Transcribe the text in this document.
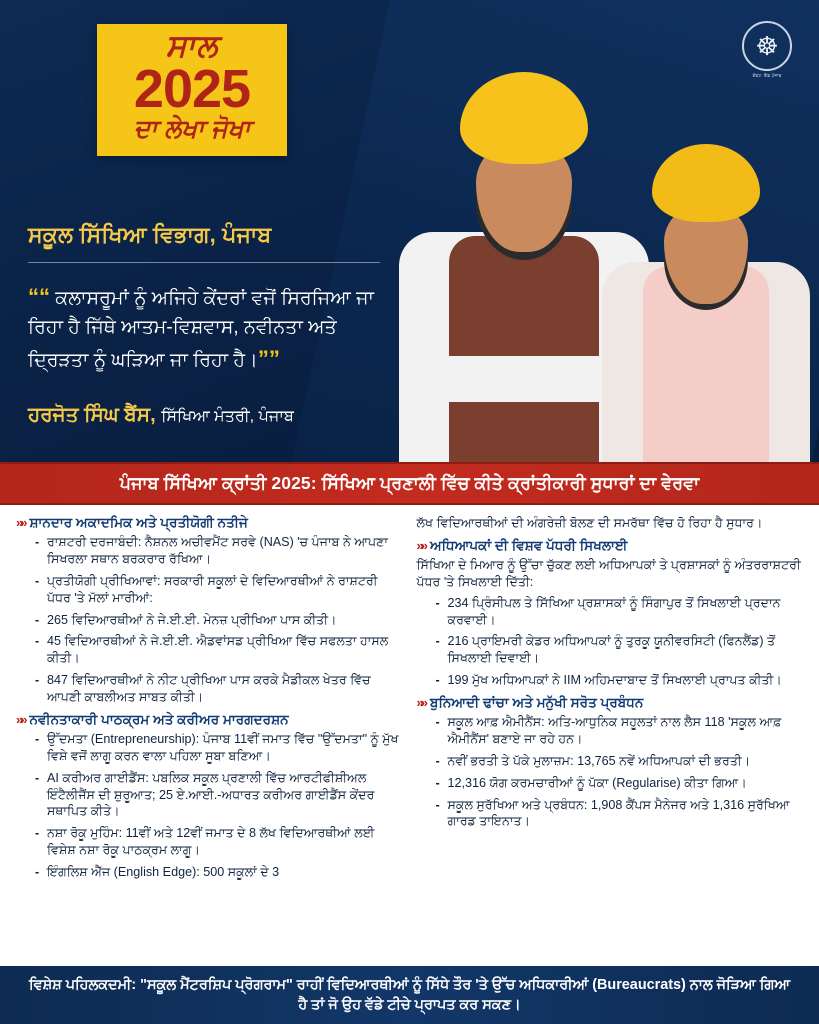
☸
ਗੋਵਟ. ਓਫ਼ ਪੰਜਾਬ
ਸਾਲ
2025
ਦਾ ਲੇਖਾ ਜੋਖਾ
ਸਕੂਲ ਸਿੱਖਿਆ ਵਿਭਾਗ, ਪੰਜਾਬ
““ ਕਲਾਸਰੂਮਾਂ ਨੂੰ ਅਜਿਹੇ ਕੇਂਦਰਾਂ ਵਜੋਂ ਸਿਰਜਿਆ ਜਾ ਰਿਹਾ ਹੈ ਜਿੱਥੇ ਆਤਮ-ਵਿਸ਼ਵਾਸ, ਨਵੀਨਤਾ ਅਤੇ ਦ੍ਰਿੜਤਾ ਨੂੰ ਘੜਿਆ ਜਾ ਰਿਹਾ ਹੈ।””
ਹਰਜੋਤ ਸਿੰਘ ਬੈਂਸ, ਸਿੱਖਿਆ ਮੰਤਰੀ, ਪੰਜਾਬ
ਪੰਜਾਬ ਸਿੱਖਿਆ ਕ੍ਰਾਂਤੀ 2025: ਸਿੱਖਿਆ ਪ੍ਰਣਾਲੀ ਵਿੱਚ ਕੀਤੇ ਕ੍ਰਾਂਤੀਕਾਰੀ ਸੁਧਾਰਾਂ ਦਾ ਵੇਰਵਾ
»» ਸ਼ਾਨਦਾਰ ਅਕਾਦਮਿਕ ਅਤੇ ਪ੍ਰਤੀਯੋਗੀ ਨਤੀਜੇ
- ਰਾਸ਼ਟਰੀ ਦਰਜਾਬੰਦੀ: ਨੈਸ਼ਨਲ ਅਚੀਵਮੈਂਟ ਸਰਵੇ (NAS) 'ਚ ਪੰਜਾਬ ਨੇ ਆਪਣਾ ਸਿਖਰਲਾ ਸਥਾਨ ਬਰਕਰਾਰ ਰੱਖਿਆ।
- ਪ੍ਰਤੀਯੋਗੀ ਪ੍ਰੀਖਿਆਵਾਂ: ਸਰਕਾਰੀ ਸਕੂਲਾਂ ਦੇ ਵਿਦਿਆਰਥੀਆਂ ਨੇ ਰਾਸ਼ਟਰੀ ਪੱਧਰ 'ਤੇ ਮੱਲਾਂ ਮਾਰੀਆਂ:
- 265 ਵਿਦਿਆਰਥੀਆਂ ਨੇ ਜੇ.ਈ.ਈ. ਮੇਨਜ਼ ਪ੍ਰੀਖਿਆ ਪਾਸ ਕੀਤੀ।
- 45 ਵਿਦਿਆਰਥੀਆਂ ਨੇ ਜੇ.ਈ.ਈ. ਐਡਵਾਂਸਡ ਪ੍ਰੀਖਿਆ ਵਿੱਚ ਸਫਲਤਾ ਹਾਸਲ ਕੀਤੀ।
- 847 ਵਿਦਿਆਰਥੀਆਂ ਨੇ ਨੀਟ ਪ੍ਰੀਖਿਆ ਪਾਸ ਕਰਕੇ ਮੈਡੀਕਲ ਖੇਤਰ ਵਿੱਚ ਆਪਣੀ ਕਾਬਲੀਅਤ ਸਾਬਤ ਕੀਤੀ।
»» ਨਵੀਨਤਾਕਾਰੀ ਪਾਠਕ੍ਰਮ ਅਤੇ ਕਰੀਅਰ ਮਾਰਗਦਰਸ਼ਨ
- ਉੱਦਮਤਾ (Entrepreneurship): ਪੰਜਾਬ 11ਵੀਂ ਜਮਾਤ ਵਿੱਚ "ਉੱਦਮਤਾ" ਨੂੰ ਮੁੱਖ ਵਿਸ਼ੇ ਵਜੋਂ ਲਾਗੂ ਕਰਨ ਵਾਲਾ ਪਹਿਲਾ ਸੂਬਾ ਬਣਿਆ।
- AI ਕਰੀਅਰ ਗਾਈਡੈਂਸ: ਪਬਲਿਕ ਸਕੂਲ ਪ੍ਰਣਾਲੀ ਵਿੱਚ ਆਰਟੀਫੀਸ਼ੀਅਲ ਇੰਟੈਲੀਜੈਂਸ ਦੀ ਸ਼ੁਰੂਆਤ; 25 ਏ.ਆਈ.-ਅਧਾਰਤ ਕਰੀਅਰ ਗਾਈਡੈਂਸ ਕੇਂਦਰ ਸਥਾਪਿਤ ਕੀਤੇ।
- ਨਸ਼ਾ ਰੋਕੂ ਮੁਹਿੰਮ: 11ਵੀਂ ਅਤੇ 12ਵੀਂ ਜਮਾਤ ਦੇ 8 ਲੱਖ ਵਿਦਿਆਰਥੀਆਂ ਲਈ ਵਿਸ਼ੇਸ਼ ਨਸ਼ਾ ਰੋਕੂ ਪਾਠਕ੍ਰਮ ਲਾਗੂ।
- ਇੰਗਲਿਸ਼ ਐੱਜ (English Edge): 500 ਸਕੂਲਾਂ ਦੇ 3
ਲੱਖ ਵਿਦਿਆਰਥੀਆਂ ਦੀ ਅੰਗਰੇਜ਼ੀ ਬੋਲਣ ਦੀ ਸਮਰੱਥਾ ਵਿੱਚ ਹੋ ਰਿਹਾ ਹੈ ਸੁਧਾਰ।
»» ਅਧਿਆਪਕਾਂ ਦੀ ਵਿਸ਼ਵ ਪੱਧਰੀ ਸਿਖਲਾਈ
ਸਿੱਖਿਆ ਦੇ ਮਿਆਰ ਨੂੰ ਉੱਚਾ ਚੁੱਕਣ ਲਈ ਅਧਿਆਪਕਾਂ ਤੇ ਪ੍ਰਸ਼ਾਸਕਾਂ ਨੂੰ ਅੰਤਰਰਾਸ਼ਟਰੀ ਪੱਧਰ 'ਤੇ ਸਿਖਲਾਈ ਦਿੱਤੀ:
- 234 ਪ੍ਰਿੰਸੀਪਲ ਤੇ ਸਿੱਖਿਆ ਪ੍ਰਸ਼ਾਸਕਾਂ ਨੂੰ ਸਿੰਗਾਪੁਰ ਤੋਂ ਸਿਖਲਾਈ ਪ੍ਰਦਾਨ ਕਰਵਾਈ।
- 216 ਪ੍ਰਾਇਮਰੀ ਕੇਡਰ ਅਧਿਆਪਕਾਂ ਨੂੰ ਤੁਰਕੂ ਯੂਨੀਵਰਸਿਟੀ (ਫਿਨਲੈਂਡ) ਤੋਂ ਸਿਖਲਾਈ ਦਿਵਾਈ।
- 199 ਮੁੱਖ ਅਧਿਆਪਕਾਂ ਨੇ IIM ਅਹਿਮਦਾਬਾਦ ਤੋਂ ਸਿਖਲਾਈ ਪ੍ਰਾਪਤ ਕੀਤੀ।
»» ਬੁਨਿਆਦੀ ਢਾਂਚਾ ਅਤੇ ਮਨੁੱਖੀ ਸਰੋਤ ਪ੍ਰਬੰਧਨ
- ਸਕੂਲ ਆਫ਼ ਐਮੀਨੈਂਸ: ਅਤਿ-ਆਧੁਨਿਕ ਸਹੂਲਤਾਂ ਨਾਲ ਲੈਸ 118 'ਸਕੂਲ ਆਫ਼ ਐਮੀਨੈਂਸ' ਬਣਾਏ ਜਾ ਰਹੇ ਹਨ।
- ਨਵੀਂ ਭਰਤੀ ਤੇ ਪੱਕੇ ਮੁਲਾਜ਼ਮ: 13,765 ਨਵੇਂ ਅਧਿਆਪਕਾਂ ਦੀ ਭਰਤੀ।
- 12,316 ਯੋਗ ਕਰਮਚਾਰੀਆਂ ਨੂੰ ਪੱਕਾ (Regularise) ਕੀਤਾ ਗਿਆ।
- ਸਕੂਲ ਸੁਰੱਖਿਆ ਅਤੇ ਪ੍ਰਬੰਧਨ: 1,908 ਕੈਂਪਸ ਮੈਨੇਜਰ ਅਤੇ 1,316 ਸੁਰੱਖਿਆ ਗਾਰਡ ਤਾਇਨਾਤ।
ਵਿਸ਼ੇਸ਼ ਪਹਿਲਕਦਮੀ: "ਸਕੂਲ ਮੈਂਟਰਸ਼ਿਪ ਪ੍ਰੋਗਰਾਮ" ਰਾਹੀਂ ਵਿਦਿਆਰਥੀਆਂ ਨੂੰ ਸਿੱਧੇ ਤੌਰ 'ਤੇ ਉੱਚ ਅਧਿਕਾਰੀਆਂ (Bureaucrats) ਨਾਲ ਜੋੜਿਆ ਗਿਆ ਹੈ ਤਾਂ ਜੋ ਉਹ ਵੱਡੇ ਟੀਚੇ ਪ੍ਰਾਪਤ ਕਰ ਸਕਣ।
